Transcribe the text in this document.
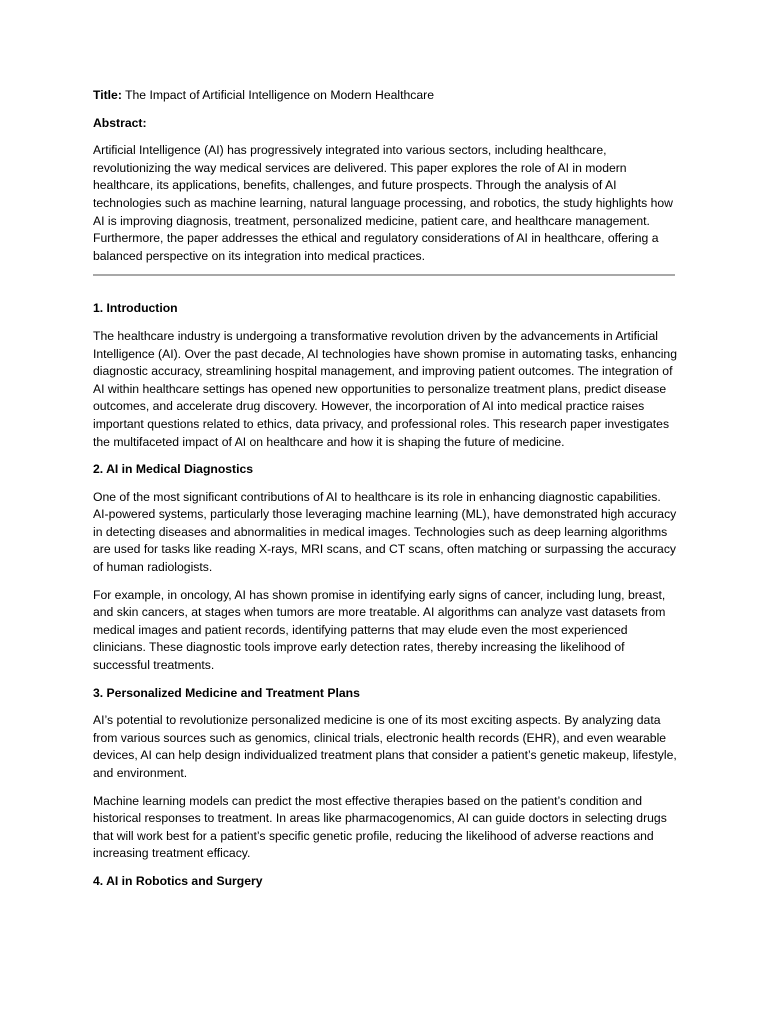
Title: The Impact of Artificial Intelligence on Modern Healthcare

Abstract:

Artificial Intelligence (AI) has progressively integrated into various sectors, including healthcare, revolutionizing the way medical services are delivered. This paper explores the role of AI in modern healthcare, its applications, benefits, challenges, and future prospects. Through the analysis of AI technologies such as machine learning, natural language processing, and robotics, the study highlights how AI is improving diagnosis, treatment, personalized medicine, patient care, and healthcare management. Furthermore, the paper addresses the ethical and regulatory considerations of AI in healthcare, offering a balanced perspective on its integration into medical practices.

1. Introduction

The healthcare industry is undergoing a transformative revolution driven by the advancements in Artificial Intelligence (AI). Over the past decade, AI technologies have shown promise in automating tasks, enhancing diagnostic accuracy, streamlining hospital management, and improving patient outcomes. The integration of AI within healthcare settings has opened new opportunities to personalize treatment plans, predict disease outcomes, and accelerate drug discovery. However, the incorporation of AI into medical practice raises important questions related to ethics, data privacy, and professional roles. This research paper investigates the multifaceted impact of AI on healthcare and how it is shaping the future of medicine.

2. AI in Medical Diagnostics

One of the most significant contributions of AI to healthcare is its role in enhancing diagnostic capabilities. AI-powered systems, particularly those leveraging machine learning (ML), have demonstrated high accuracy in detecting diseases and abnormalities in medical images. Technologies such as deep learning algorithms are used for tasks like reading X-rays, MRI scans, and CT scans, often matching or surpassing the accuracy of human radiologists.

For example, in oncology, AI has shown promise in identifying early signs of cancer, including lung, breast, and skin cancers, at stages when tumors are more treatable. AI algorithms can analyze vast datasets from medical images and patient records, identifying patterns that may elude even the most experienced clinicians. These diagnostic tools improve early detection rates, thereby increasing the likelihood of successful treatments.

3. Personalized Medicine and Treatment Plans

AI’s potential to revolutionize personalized medicine is one of its most exciting aspects. By analyzing data from various sources such as genomics, clinical trials, electronic health records (EHR), and even wearable devices, AI can help design individualized treatment plans that consider a patient’s genetic makeup, lifestyle, and environment.

Machine learning models can predict the most effective therapies based on the patient’s condition and historical responses to treatment. In areas like pharmacogenomics, AI can guide doctors in selecting drugs that will work best for a patient’s specific genetic profile, reducing the likelihood of adverse reactions and increasing treatment efficacy.

4. AI in Robotics and Surgery
